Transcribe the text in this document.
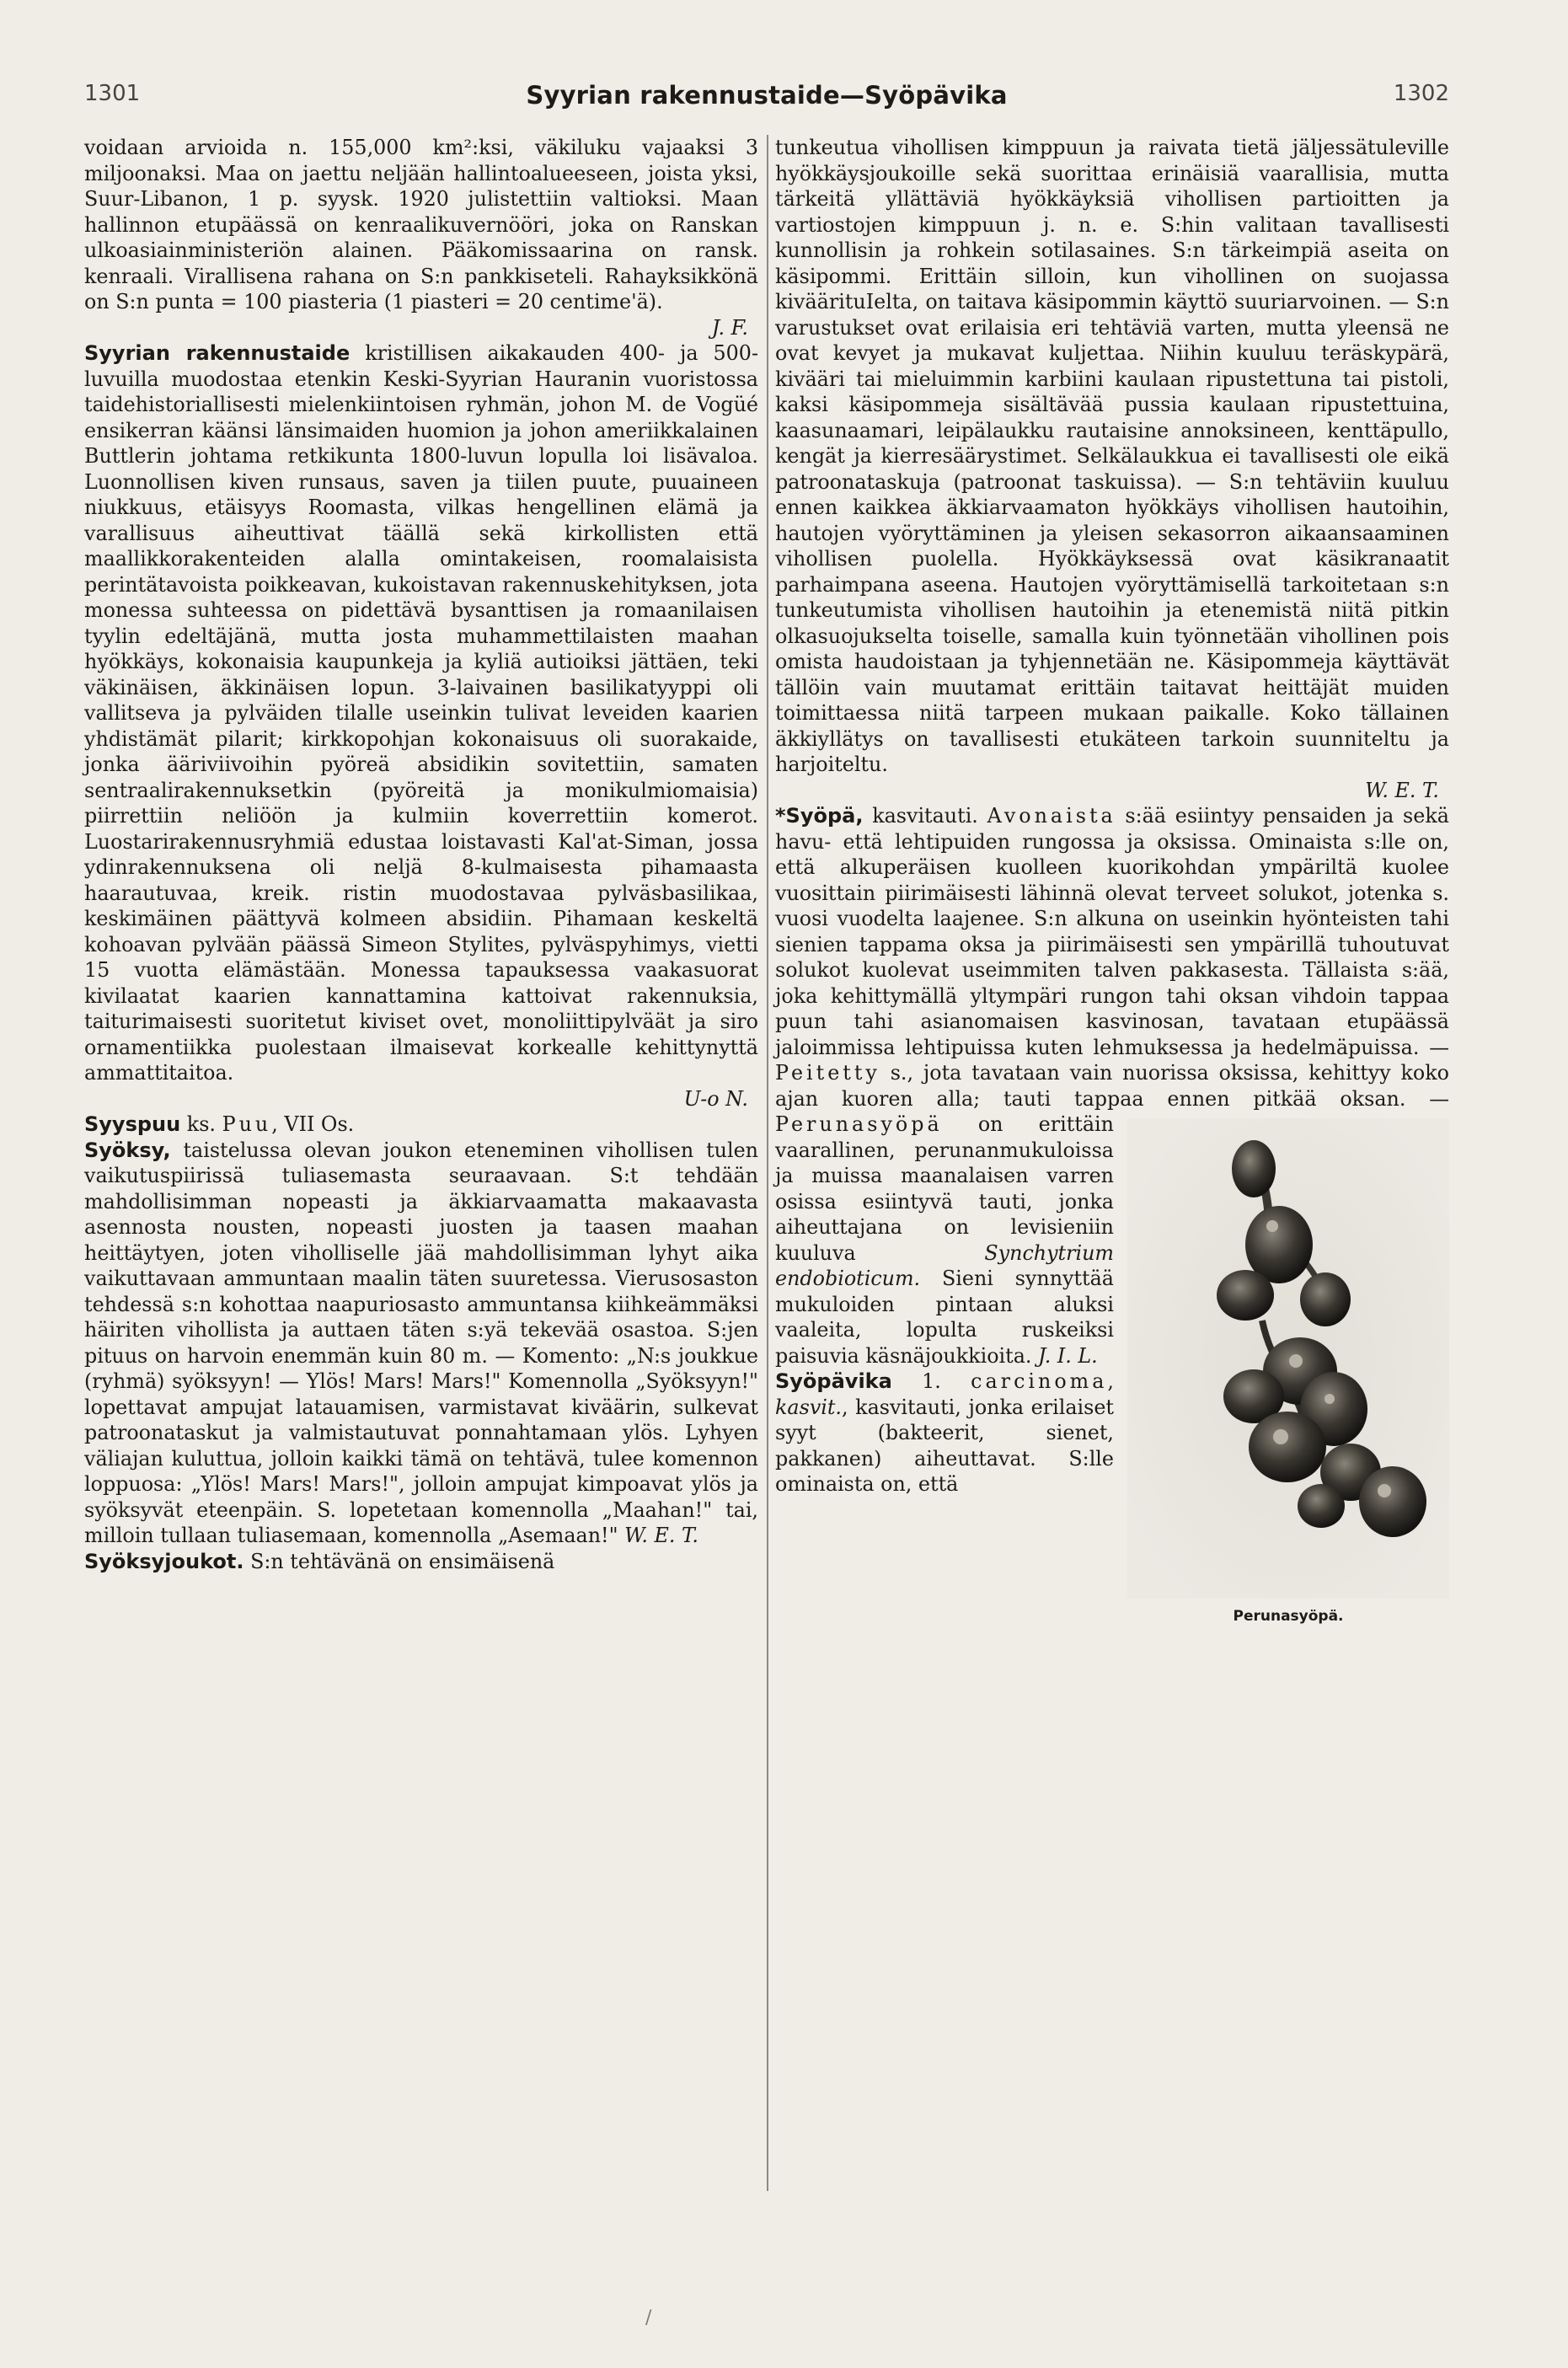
1301	Syyrian rakennustaide—Syöpävika	1302

voidaan arvioida n. 155,000 km²:ksi, väkiluku vajaaksi 3 miljoonaksi. Maa on jaettu neljään hallintoalueeseen, joista yksi, Suur-Libanon, 1 p. syysk. 1920 julistettiin valtioksi. Maan hallinnon etupäässä on kenraalikuvernööri, joka on Ranskan ulkoasiainministeriön alainen. Pääkomissaarina on ransk. kenraali. Virallisena rahana on S:n pankkiseteli. Rahayksikkönä on S:n punta = 100 piasteria (1 piasteri = 20 centime'ä).
J. F.

Syyrian rakennustaide kristillisen aikakauden 400- ja 500-luvuilla muodostaa etenkin Keski-Syyrian Hauranin vuoristossa taidehistoriallisesti mielenkiintoisen ryhmän, johon M. de Vogüé ensikerran käänsi länsimaiden huomion ja johon ameriikkalainen Buttlerin johtama retkikunta 1800-luvun lopulla loi lisävaloa. Luonnollisen kiven runsaus, saven ja tiilen puute, puuaineen niukkuus, etäisyys Roomasta, vilkas hengellinen elämä ja varallisuus aiheuttivat täällä sekä kirkollisten että maallikkorakenteiden alalla omintakeisen, roomalaisista perintätavoista poikkeavan, kukoistavan rakennuskehityksen, jota monessa suhteessa on pidettävä bysanttisen ja romaanilaisen tyylin edeltäjänä, mutta josta muhammettilaisten maahan hyökkäys, kokonaisia kaupunkeja ja kyliä autioiksi jättäen, teki väkinäisen, äkkinäisen lopun. 3-laivainen basilikatyyppi oli vallitseva ja pylväiden tilalle useinkin tulivat leveiden kaarien yhdistämät pilarit; kirkkopohjan kokonaisuus oli suorakaide, jonka ääriviivoihin pyöreä absidikin sovitettiin, samaten sentraalirakennuksetkin (pyöreitä ja monikulmiomaisia) piirrettiin neliöön ja kulmiin koverrettiin komerot. Luostarirakennusryhmiä edustaa loistavasti Kal'at-Siman, jossa ydinrakennuksena oli neljä 8-kulmaisesta pihamaasta haarautuvaa, kreik. ristin muodostavaa pylväsbasilikaa, keskimäinen päättyvä kolmeen absidiin. Pihamaan keskeltä kohoavan pylvään päässä Simeon Stylites, pylväspyhimys, vietti 15 vuotta elämästään. Monessa tapauksessa vaakasuorat kivilaatat kaarien kannattamina kattoivat rakennuksia, taiturimaisesti suoritetut kiviset ovet, monoliittipylväät ja siro ornamentiikka puolestaan ilmaisevat korkealle kehittynyttä ammattitaitoa.
U-o N.

Syyspuu ks. Puu, VII Os.

Syöksy, taistelussa olevan joukon eteneminen vihollisen tulen vaikutuspiirissä tuliasemasta seuraavaan. S:t tehdään mahdollisimman nopeasti ja äkkiarvaamatta makaavasta asennosta nousten, nopeasti juosten ja taasen maahan heittäytyen, joten viholliselle jää mahdollisimman lyhyt aika vaikuttavaan ammuntaan maalin täten suuretessa. Vierusosaston tehdessä s:n kohottaa naapuriosasto ammuntansa kiihkeämmäksi häiriten vihollista ja auttaen täten s:yä tekevää osastoa. S:jen pituus on harvoin enemmän kuin 80 m. — Komento: „N:s joukkue (ryhmä) syöksyyn! — Ylös! Mars! Mars!" Komennolla „Syöksyyn!" lopettavat ampujat latauamisen, varmistavat kiväärin, sulkevat patroonataskut ja valmistautuvat ponnahtamaan ylös. Lyhyen väliajan kuluttua, jolloin kaikki tämä on tehtävä, tulee komennon loppuosa: „Ylös! Mars! Mars!", jolloin ampujat kimpoavat ylös ja syöksyvät eteenpäin. S. lopetetaan komennolla „Maahan!" tai, milloin tullaan tuliasemaan, komennolla „Asemaan!" W. E. T.

Syöksyjoukot. S:n tehtävänä on ensimäisenä

tunkeutua vihollisen kimppuun ja raivata tietä jäljessätuleville hyökkäysjoukoille sekä suorittaa erinäisiä vaarallisia, mutta tärkeitä yllättäviä hyökkäyksiä vihollisen partioitten ja vartiostojen kimppuun j. n. e. S:hin valitaan tavallisesti kunnollisin ja rohkein sotilasaines. S:n tärkeimpiä aseita on käsipommi. Erittäin silloin, kun vihollinen on suojassa kiväärituIelta, on taitava käsipommin käyttö suuriarvoinen. — S:n varustukset ovat erilaisia eri tehtäviä varten, mutta yleensä ne ovat kevyet ja mukavat kuljettaa. Niihin kuuluu teräskypärä, kivääri tai mieluimmin karbiini kaulaan ripustettuna tai pistoli, kaksi käsipommeja sisältävää pussia kaulaan ripustettuina, kaasunaamari, leipälaukku rautaisine annoksineen, kenttäpullo, kengät ja kierresäärystimet. Selkälaukkua ei tavallisesti ole eikä patroonataskuja (patroonat taskuissa). — S:n tehtäviin kuuluu ennen kaikkea äkkiarvaamaton hyökkäys vihollisen hautoihin, hautojen vyöryttäminen ja yleisen sekasorron aikaansaaminen vihollisen puolella. Hyökkäyksessä ovat käsikranaatit parhaimpana aseena. Hautojen vyöryttämisellä tarkoitetaan s:n tunkeutumista vihollisen hautoihin ja etenemistä niitä pitkin olkasuojukselta toiselle, samalla kuin työnnetään vihollinen pois omista haudoistaan ja tyhjennetään ne. Käsipommeja käyttävät tällöin vain muutamat erittäin taitavat heittäjät muiden toimittaessa niitä tarpeen mukaan paikalle. Koko tällainen äkkiyllätys on tavallisesti etukäteen tarkoin suunniteltu ja harjoiteltu.
W. E. T.

*Syöpä, kasvitauti. Avonaista s:ää esiintyy pensaiden ja sekä havu- että lehtipuiden rungossa ja oksissa. Ominaista s:lle on, että alkuperäisen kuolleen kuorikohdan ympäriltä kuolee vuosittain piirimäisesti lähinnä olevat terveet solukot, jotenka s. vuosi vuodelta laajenee. S:n alkuna on useinkin hyönteisten tahi sienien tappama oksa ja piirimäisesti sen ympärillä tuhoutuvat solukot kuolevat useimmiten talven pakkasesta. Tällaista s:ää, joka kehittymällä yltympäri rungon tahi oksan vihdoin tappaa puun tahi asianomaisen kasvinosan, tavataan etupäässä jaloimmissa lehtipuissa kuten lehmuksessa ja hedelmäpuissa. — Peitetty s., jota tavataan vain nuorissa oksissa, kehittyy koko ajan kuoren alla; tauti tappaa ennen pitkää oksan. —
Perunasyöpä.
Perunasyöpä on erittäin vaarallinen, perunanmukuloissa ja muissa maanalaisen varren osissa esiintyvä tauti, jonka aiheuttajana on levisieniin kuuluva	Synchytrium endobioticum. Sieni synnyttää mukuloiden pintaan aluksi vaaleita, lopulta ruskeiksi paisuvia käsnäjoukkioita. J. I. L.

Syöpävika 1. carcinoma, kasvit., kasvitauti, jonka erilaiset syyt (bakteerit, sienet, pakkanen) aiheuttavat. S:lle ominaista on, että

/
